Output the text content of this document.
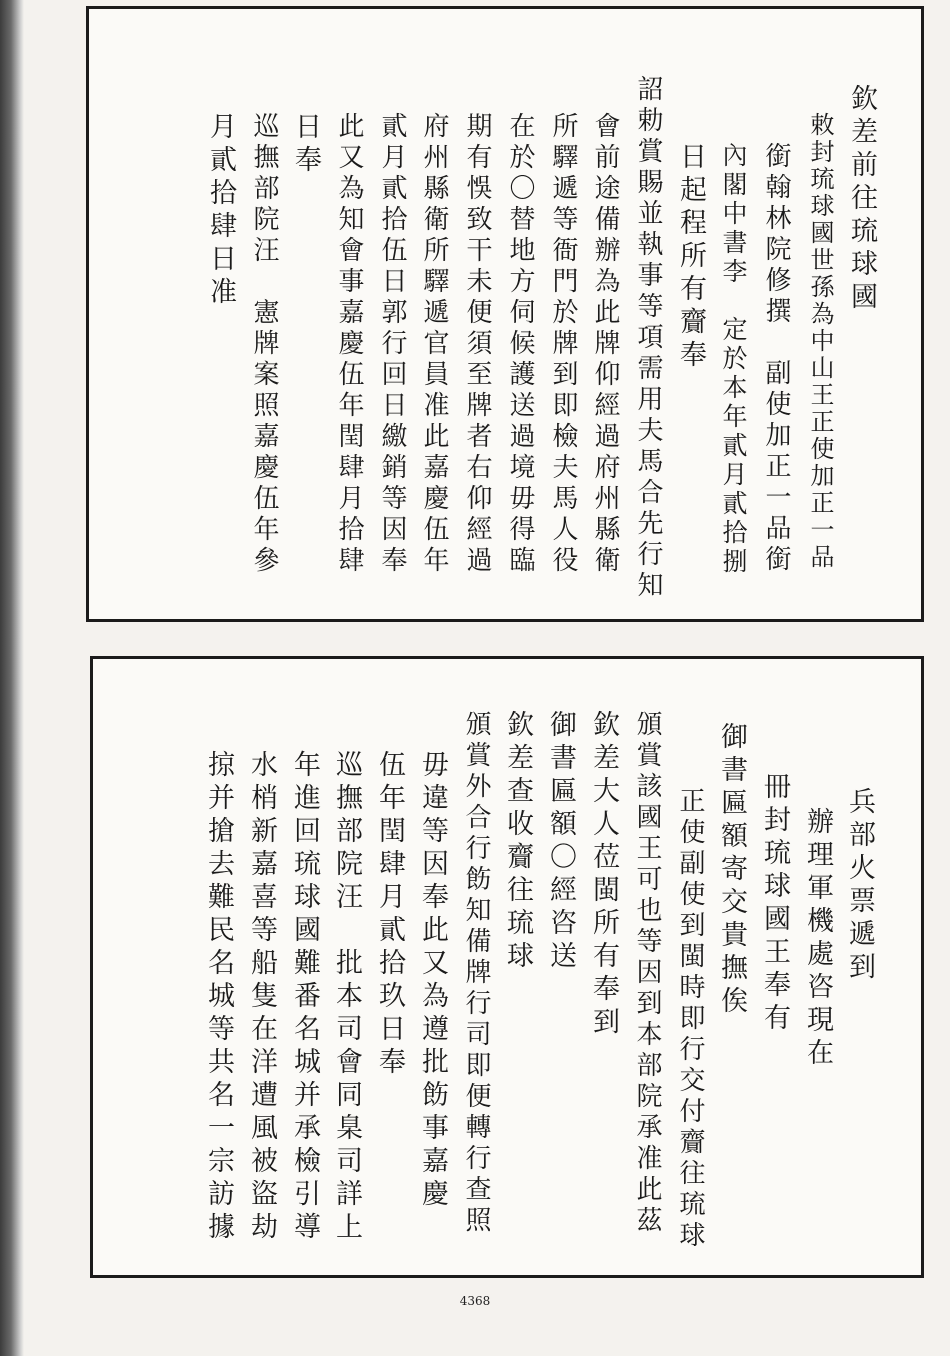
欽差前往琉球國
敕封琉球國世孫為中山王正使加正一品
銜翰林院修撰　副使加正一品銜
內閣中書李　定於本年貳月貳拾捌
日起程所有齎奉
詔勅賞賜並執事等項需用夫馬合先行知
會前途備辦為此牌仰經過府州縣衛
所驛遞等衙門於牌到即檢夫馬人役
在於〇替地方伺候護送過境毋得臨
期有悞致干未便須至牌者右仰經過
府州縣衛所驛遞官員准此嘉慶伍年
貳月貳拾伍日郭行回日繳銷等因奉
此又為知會事嘉慶伍年閏肆月拾肆
日奉
巡撫部院汪　憲牌案照嘉慶伍年參
月貳拾肆日准
兵部火票遞到
辦理軍機處咨現在
冊封琉球國王奉有
御書匾額寄交貴撫俟
正使副使到閩時即行交付齎往琉球
頒賞該國王可也等因到本部院承准此茲
欽差大人莅閩所有奉到
御書匾額〇經咨送
欽差查收齎往琉球
頒賞外合行飭知備牌行司即便轉行查照
毋違等因奉此又為遵批飭事嘉慶
伍年閏肆月貳拾玖日奉
巡撫部院汪　批本司會同臬司詳上
年進回琉球國難番名城并承檢引導
水梢新嘉喜等船隻在洋遭風被盜劫
掠并搶去難民名城等共名一宗訪據
4368
